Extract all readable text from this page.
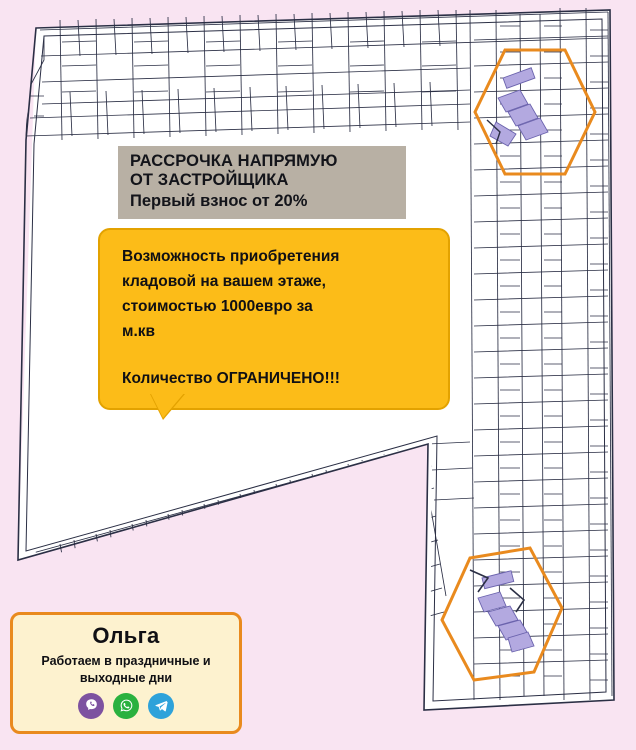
РАССРОЧКА НАПРЯМУЮ
ОТ ЗАСТРОЙЩИКА
Первый взнос от 20%

Возможность приобретения

кладовой на вашем этаже,

стоимостью 1000евро за

м.кв

Количество ОГРАНИЧЕНО!!!

Ольга
Работаем в праздничные и
выходные дни
